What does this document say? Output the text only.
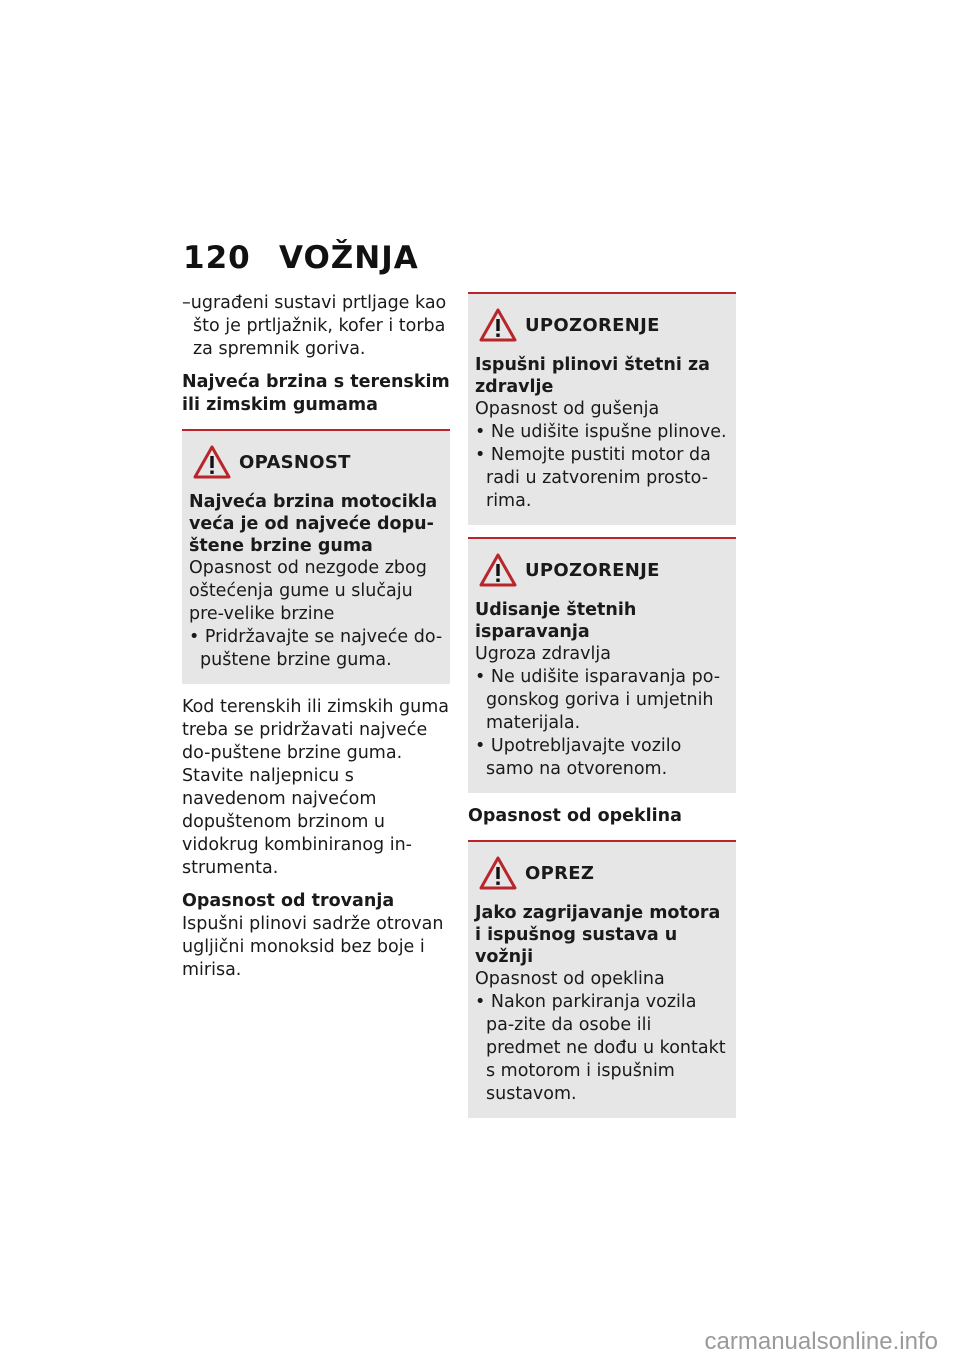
120 VOŽNJA

–ugrađeni sustavi prtljage kao što je prtljažnik, kofer i torba za spremnik goriva.

Najveća brzina s terenskim ili zimskim gumama

OPASNOST

Najveća brzina motocikla veća je od najveće dopu-štene brzine guma

Opasnost od nezgode zbog oštećenja gume u slučaju pre-velike brzine

• Pridržavajte se najveće do-puštene brzine guma.

Kod terenskih ili zimskih guma treba se pridržavati najveće do-puštene brzine guma.

Stavite naljepnicu s navedenom najvećom dopuštenom brzinom u vidokrug kombiniranog in-strumenta.

Opasnost od trovanja

Ispušni plinovi sadrže otrovan ugljični monoksid bez boje i mirisa.

UPOZORENJE

Ispušni plinovi štetni za zdravlje

Opasnost od gušenja

• Ne udišite ispušne plinove.

• Nemojte pustiti motor da radi u zatvorenim prosto-rima.

UPOZORENJE

Udisanje štetnih isparavanja

Ugroza zdravlja

• Ne udišite isparavanja po-gonskog goriva i umjetnih materijala.

• Upotrebljavajte vozilo samo na otvorenom.

Opasnost od opeklina

OPREZ

Jako zagrijavanje motora i ispušnog sustava u vožnji

Opasnost od opeklina

• Nakon parkiranja vozila pa-zite da osobe ili predmet ne dođu u kontakt s motorom i ispušnim sustavom.

carmanualsonline.info
